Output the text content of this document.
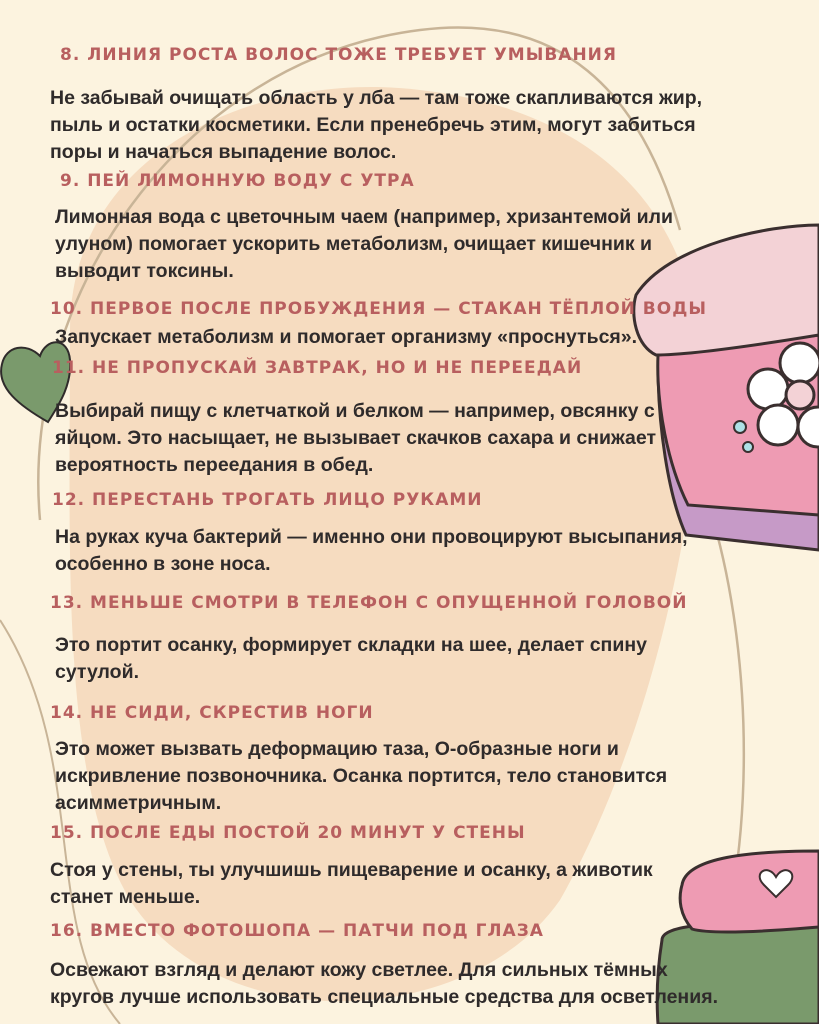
8. ЛИНИЯ РОСТА ВОЛОС ТОЖЕ ТРЕБУЕТ УМЫВАНИЯ

Не забывай очищать область у лба — там тоже скапливаются жир,
пыль и остатки косметики. Если пренебречь этим, могут забиться
поры и начаться выпадение волос.

9. ПЕЙ ЛИМОННУЮ ВОДУ С УТРА

Лимонная вода с цветочным чаем (например, хризантемой или
улуном) помогает ускорить метаболизм, очищает кишечник и
выводит токсины.

10. ПЕРВОЕ ПОСЛЕ ПРОБУЖДЕНИЯ — СТАКАН ТЁПЛОЙ ВОДЫ

Запускает метаболизм и помогает организму «проснуться».

11. НЕ ПРОПУСКАЙ ЗАВТРАК, НО И НЕ ПЕРЕЕДАЙ

Выбирай пищу с клетчаткой и белком — например, овсянку с
яйцом. Это насыщает, не вызывает скачков сахара и снижает
вероятность переедания в обед.

12. ПЕРЕСТАНЬ ТРОГАТЬ ЛИЦО РУКАМИ

На руках куча бактерий — именно они провоцируют высыпания,
особенно в зоне носа.

13. МЕНЬШЕ СМОТРИ В ТЕЛЕФОН С ОПУЩЕННОЙ ГОЛОВОЙ

Это портит осанку, формирует складки на шее, делает спину
сутулой.

14. НЕ СИДИ, СКРЕСТИВ НОГИ

Это может вызвать деформацию таза, О-образные ноги и
искривление позвоночника. Осанка портится, тело становится
асимметричным.

15. ПОСЛЕ ЕДЫ ПОСТОЙ 20 МИНУТ У СТЕНЫ

Стоя у стены, ты улучшишь пищеварение и осанку, а животик
станет меньше.

16. ВМЕСТО ФОТОШОПА — ПАТЧИ ПОД ГЛАЗА

Освежают взгляд и делают кожу светлее. Для сильных тёмных
кругов лучше использовать специальные средства для осветления.
